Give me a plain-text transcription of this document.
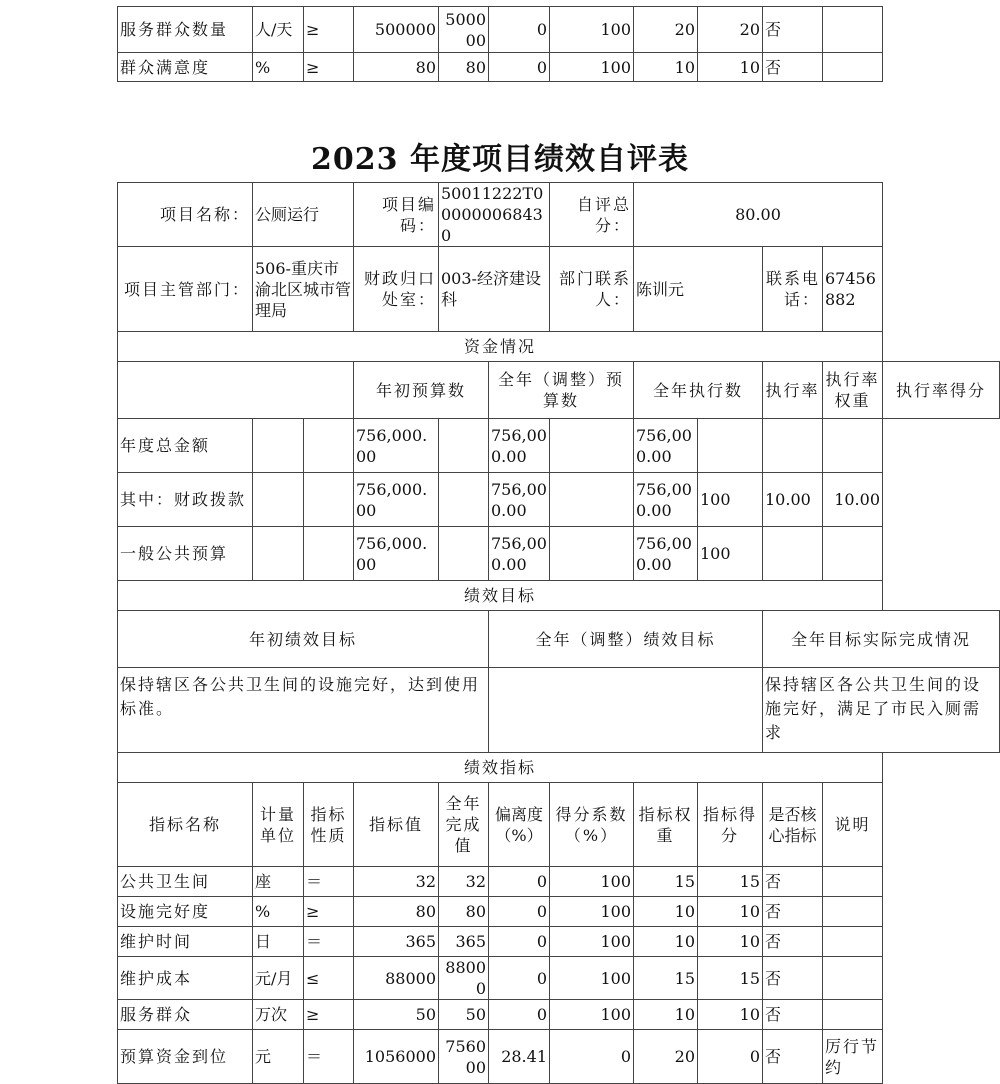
服务群众数量	人/天	≥	500000	500000	0	100	20	20	否	
群众满意度	%	≥	80	80	0	100	10	10	否	
2023 年度项目绩效自评表
项目名称：	公厕运行		项目编码：	50011222T000000068430		自评总分：	80.00				
项目主管部门：	506-重庆市渝北区城市管理局		财政归口处室：	003-经济建设科		部门联系人：	陈训元		联系电话：	67456882	
资金情况											
			年初预算数		全年（调整）预算数		全年执行数		执行率	执行率权重	执行率得分
年度总金额			756,000.00		756,000.00		756,000.00				
其中：财政拨款			756,000.00		756,000.00		756,000.00	100	10.00	10.00	
一般公共预算			756,000.00		756,000.00		756,000.00	100			
绩效目标											
年初绩效目标					全年（调整）绩效目标				全年目标实际完成情况		
保持辖区各公共卫生间的设施完好，达到使用标准。									保持辖区各公共卫生间的设施完好，满足了市民入厕需求		
绩效指标											
指标名称	计量单位	指标性质	指标值	全年完成值	偏离度（%）	得分系数（%）	指标权重	指标得分	是否核心指标	说明	
公共卫生间	座	＝	32	32	0	100	15	15	否		
设施完好度	%	≥	80	80	0	100	10	10	否		
维护时间	日	＝	365	365	0	100	10	10	否		
维护成本	元/月	≤	88000	88000	0	100	15	15	否		
服务群众	万次	≥	50	50	0	100	10	10	否		
预算资金到位	元	＝	1056000	756000	28.41	0	20	0	否	厉行节约	
